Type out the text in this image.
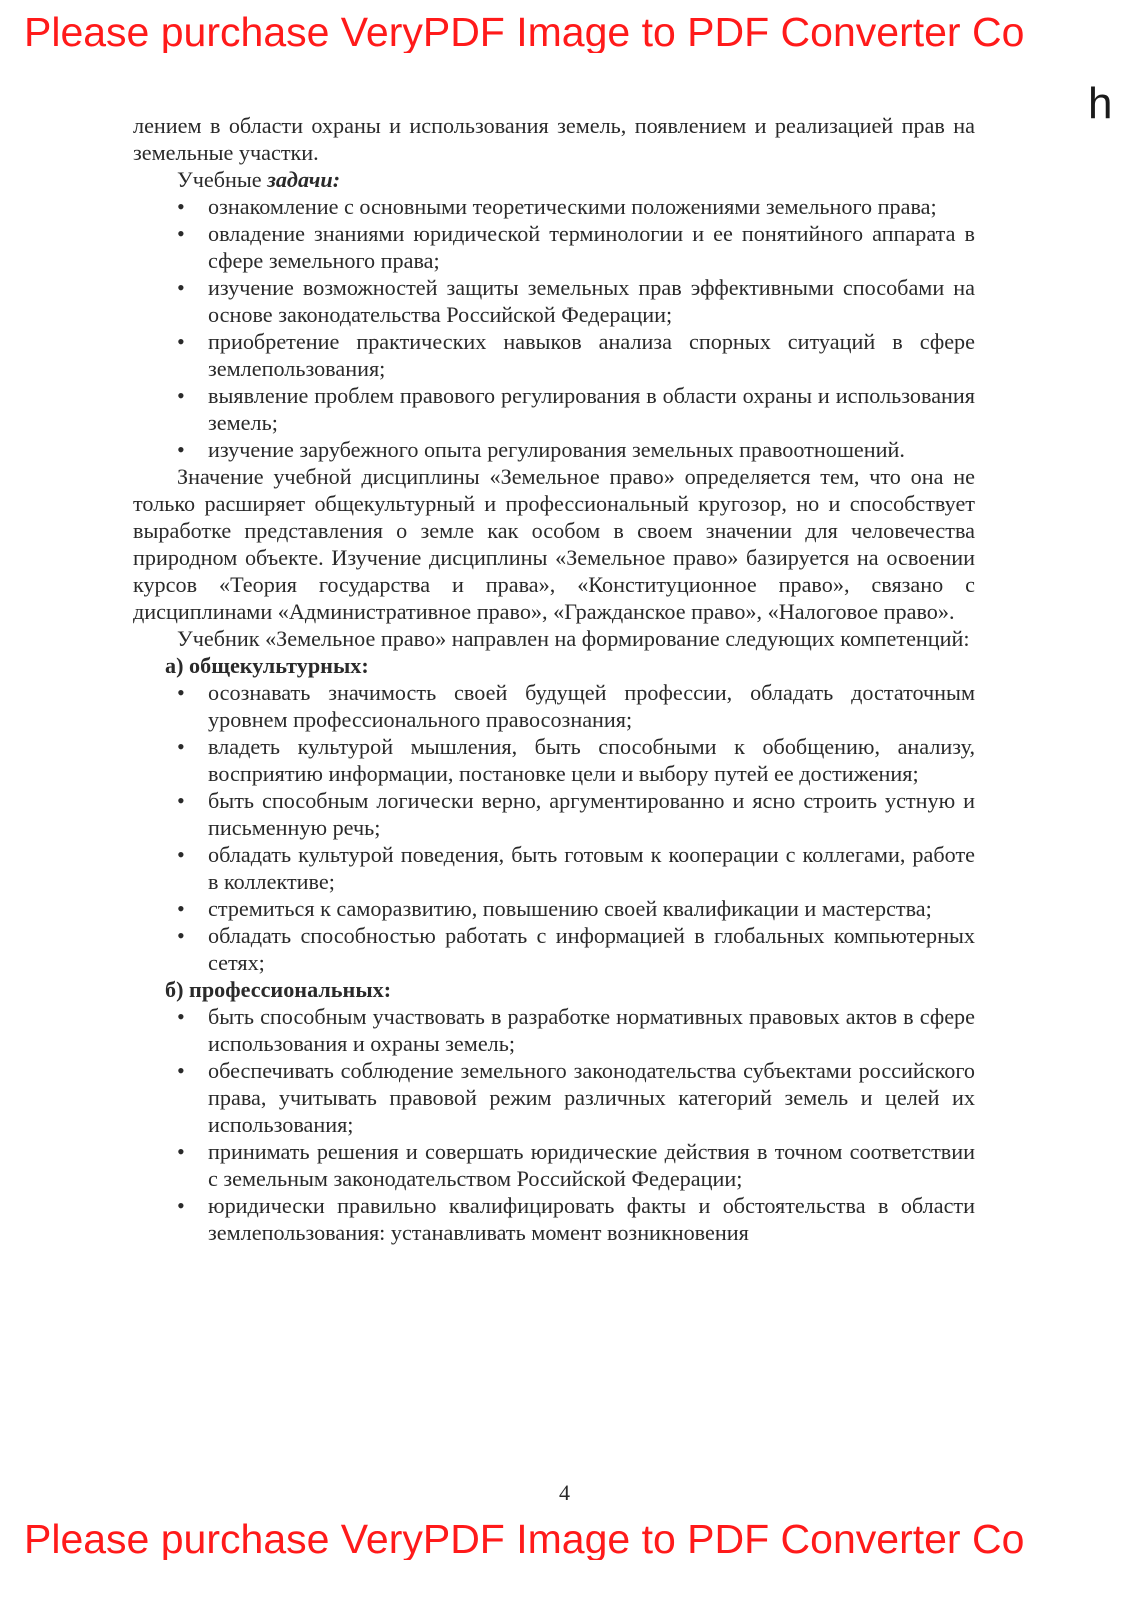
Please purchase VeryPDF Image to PDF Converter Co
h

лением в области охраны и использования земель, появлением и реализацией прав на земельные участки.

Учебные задачи:

• ознакомление с основными теоретическими положениями земельного права;
• овладение знаниями юридической терминологии и ее понятийного аппарата в сфере земельного права;
• изучение возможностей защиты земельных прав эффективными способами на основе законодательства Российской Федерации;
• приобретение практических навыков анализа спорных ситуаций в сфере землепользования;
• выявление проблем правового регулирования в области охраны и использования земель;
• изучение зарубежного опыта регулирования земельных правоотношений.

Значение учебной дисциплины «Земельное право» определяется тем, что она не только расширяет общекультурный и профессиональный кругозор, но и способствует выработке представления о земле как особом в своем значении для человечества природном объекте. Изучение дисциплины «Земельное право» базируется на освоении курсов «Теория государства и права», «Конституционное право», связано с дисциплинами «Административное право», «Гражданское право», «Налоговое право».

Учебник «Земельное право» направлен на формирование следующих компетенций:

а) общекультурных:

• осознавать значимость своей будущей профессии, обладать достаточным уровнем профессионального правосознания;
• владеть культурой мышления, быть способными к обобщению, анализу, восприятию информации, постановке цели и выбору путей ее достижения;
• быть способным логически верно, аргументированно и ясно строить устную и письменную речь;
• обладать культурой поведения, быть готовым к кооперации с коллегами, работе в коллективе;
• стремиться к саморазвитию, повышению своей квалификации и мастерства;
• обладать способностью работать с информацией в глобальных компьютерных сетях;

б) профессиональных:

• быть способным участвовать в разработке нормативных правовых актов в сфере использования и охраны земель;
• обеспечивать соблюдение земельного законодательства субъектами российского права, учитывать правовой режим различных категорий земель и целей их использования;
• принимать решения и совершать юридические действия в точном соответствии с земельным законодательством Российской Федерации;
• юридически правильно квалифицировать факты и обстоятельства в области землепользования: устанавливать момент возникновения
4
Please purchase VeryPDF Image to PDF Converter Co
